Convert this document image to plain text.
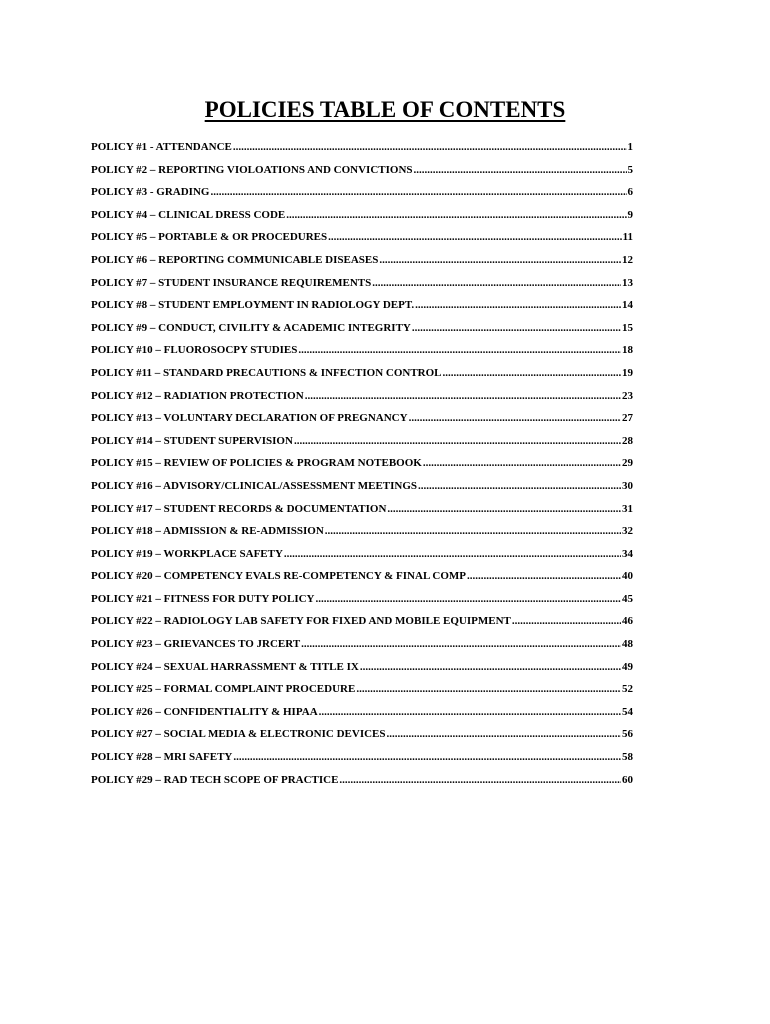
POLICIES TABLE OF CONTENTS
POLICY #1 - ATTENDANCE .....	1
POLICY #2 – REPORTING VIOLOATIONS AND CONVICTIONS .....	5
POLICY #3 - GRADING .....	6
POLICY #4 – CLINICAL DRESS CODE .....	9
POLICY #5 – PORTABLE & OR PROCEDURES .....	11
POLICY #6 – REPORTING COMMUNICABLE DISEASES .....	12
POLICY #7 – STUDENT INSURANCE REQUIREMENTS .....	13
POLICY #8 – STUDENT EMPLOYMENT IN RADIOLOGY DEPT. .....	14
POLICY #9 – CONDUCT, CIVILITY & ACADEMIC INTEGRITY .....	15
POLICY #10 – FLUOROSOCPY STUDIES .....	18
POLICY #11 – STANDARD PRECAUTIONS & INFECTION CONTROL .....	19
POLICY #12 – RADIATION PROTECTION .....	23
POLICY #13 – VOLUNTARY DECLARATION OF PREGNANCY .....	27
POLICY #14 – STUDENT SUPERVISION .....	28
POLICY #15 – REVIEW OF POLICIES & PROGRAM NOTEBOOK .....	29
POLICY #16 – ADVISORY/CLINICAL/ASSESSMENT MEETINGS .....	30
POLICY #17 – STUDENT RECORDS & DOCUMENTATION .....	31
POLICY #18 – ADMISSION & RE-ADMISSION .....	32
POLICY #19 – WORKPLACE SAFETY .....	34
POLICY #20 – COMPETENCY EVALS RE-COMPETENCY & FINAL COMP .....	40
POLICY #21 – FITNESS FOR DUTY POLICY .....	45
POLICY #22 – RADIOLOGY LAB SAFETY FOR FIXED AND MOBILE EQUIPMENT .....	46
POLICY #23 – GRIEVANCES TO JRCERT .....	48
POLICY #24 – SEXUAL HARRASSMENT & TITLE IX .....	49
POLICY #25 – FORMAL COMPLAINT PROCEDURE .....	52
POLICY #26 – CONFIDENTIALITY & HIPAA .....	54
POLICY #27 – SOCIAL MEDIA & ELECTRONIC DEVICES .....	56
POLICY #28 – MRI SAFETY .....	58
POLICY #29 – RAD TECH SCOPE OF PRACTICE .....	60
